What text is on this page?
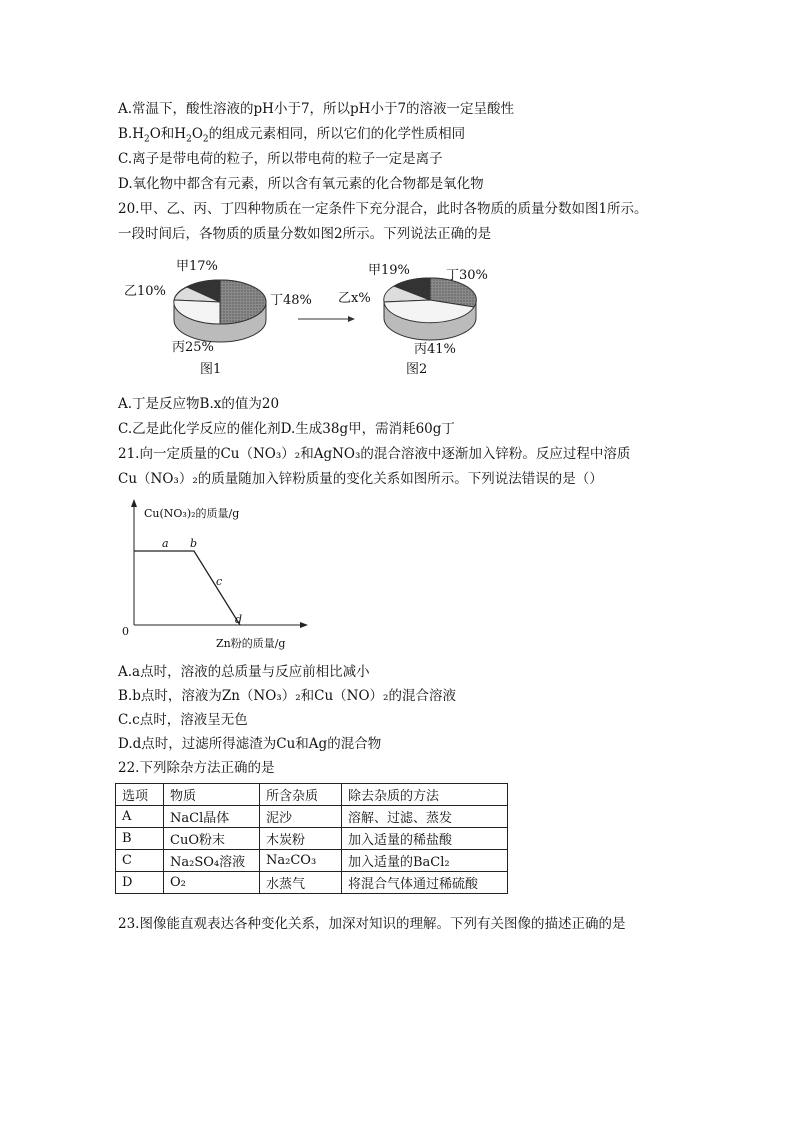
A.常温下，酸性溶液的pH小于7，所以pH小于7的溶液一定呈酸性
$B.H_2O$和$H_2O_2$的组成元素相同，所以它们的化学性质相同
C.离子是带电荷的粒子，所以带电荷的粒子一定是离子
D.氧化物中都含有元素，所以含有氧元素的化合物都是氧化物
20.甲、乙、丙、丁四种物质在一定条件下充分混合，此时各物质的质量分数如图1所示。
一段时间后，各物质的质量分数如图2所示。下列说法正确的是
甲17%
乙10%
丁48%
丙25%
图1
甲19%	丁30%
乙x%
丙41%
图2
A.丁是反应物B.x的值为20
C.乙是此化学反应的催化剂D.生成38g甲，需消耗60g丁
21.向一定质量的Cu（NO₃）₂和AgNO₃的混合溶液中逐渐加入锌粉。反应过程中溶质
Cu（NO₃）₂的质量随加入锌粉质量的变化关系如图所示。下列说法错误的是（）
Cu(NO₃)₂的质量/g
Zn粉的质量/g
0
a b
c
d
A.a点时，溶液的总质量与反应前相比减小
B.b点时，溶液为Zn（NO₃）₂和Cu（NO）₂的混合溶液
C.c点时，溶液呈无色
D.d点时，过滤所得滤渣为Cu和Ag的混合物
22.下列除杂方法正确的是
选项	物质	所含杂质	除去杂质的方法
A	NaCl晶体	泥沙	溶解、过滤、蒸发
B	CuO粉末	木炭粉	加入适量的稀盐酸
C	Na₂SO₄溶液	Na₂CO₃	加入适量的BaCl₂
D	O₂	水蒸气	将混合气体通过稀硫酸
23.图像能直观表达各种变化关系，加深对知识的理解。下列有关图像的描述正确的是
